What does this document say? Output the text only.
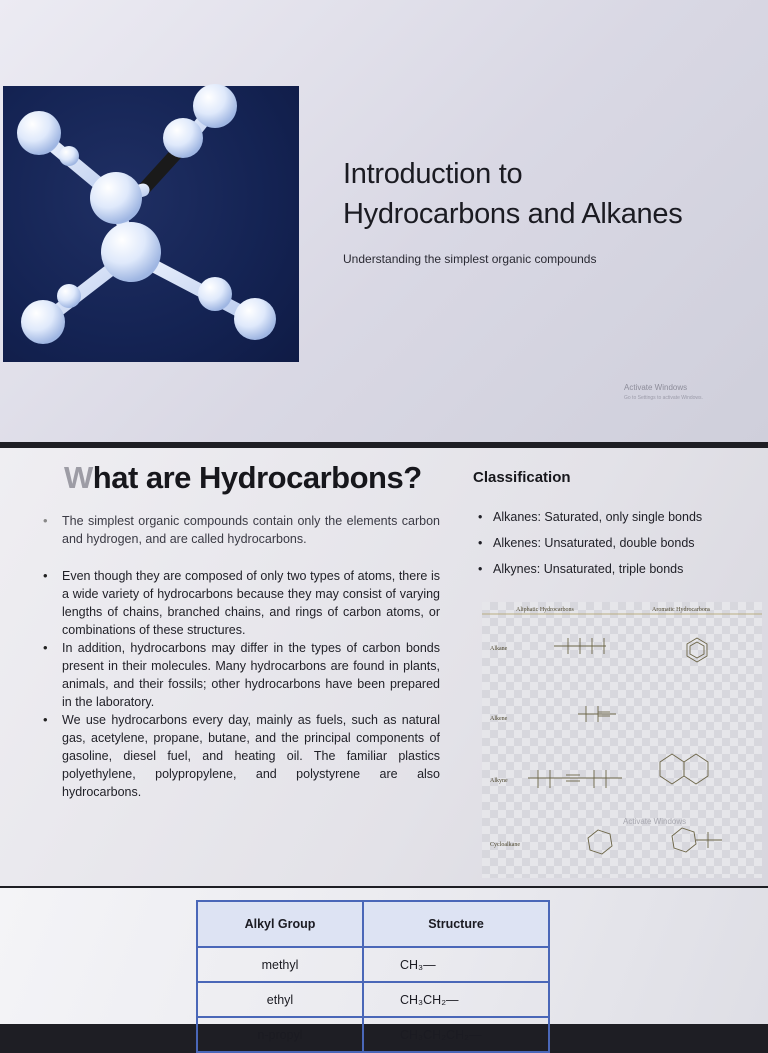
Introduction to
Hydrocarbons and Alkanes
Understanding the simplest organic compounds
Activate Windows
Go to Settings to activate Windows.
What are Hydrocarbons?

• The simplest organic compounds contain only the elements carbon and hydrogen, and are called hydrocarbons.

• Even though they are composed of only two types of atoms, there is a wide variety of hydrocarbons because they may consist of varying lengths of chains, branched chains, and rings of carbon atoms, or combinations of these structures.

• In addition, hydrocarbons may differ in the types of carbon bonds present in their molecules. Many hydrocarbons are found in plants, animals, and their fossils; other hydrocarbons have been prepared in the laboratory.

• We use hydrocarbons every day, mainly as fuels, such as natural gas, acetylene, propane, butane, and the principal components of gasoline, diesel fuel, and heating oil. The familiar plastics polyethylene, polypropylene, and polystyrene are also hydrocarbons.

Classification
• Alkanes: Saturated, only single bonds
• Alkenes: Unsaturated, double bonds
• Alkynes: Unsaturated, triple bonds
Aliphatic Hydrocarbons	Aromatic Hydrocarbons
Alkane
Alkene
Alkyne
Cycloalkane
Activate Windows
Alkyl Group	Structure
methyl	CH₃—
ethyl	CH₃CH₂—
n-propyl	CH₃CH₂CH₂—
